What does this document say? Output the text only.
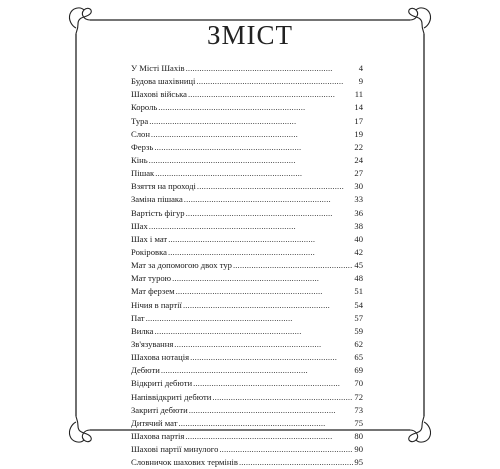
ЗМІСТ
У Місті Шахів . . .	4
Будова шахівниці . . .	9
Шахові війська . . .	11
Король . . .	14
Тура . . .	17
Слон . . .	19
Ферзь . . .	22
Кінь . . .	24
Пішак . . .	27
Взяття на проході . . .	30
Заміна пішака . . .	33
Вартість фігур . . .	36
Шах . . .	38
Шах і мат . . .	40
Рокіровка . . .	42
Мат за допомогою двох тур . . .	45
Мат турою . . .	48
Мат ферзем . . .	51
Нічия в партії . . .	54
Пат . . .	57
Вилка . . .	59
Зв'язування . . .	62
Шахова нотація . . .	65
Дебюти . . .	69
Відкриті дебюти . . .	70
Напіввідкриті дебюти . . .	72
Закриті дебюти . . .	73
Дитячий мат . . .	75
Шахова партія . . .	80
Шахові партії минулого . . .	90
Словничок шахових термінів . . .	95
